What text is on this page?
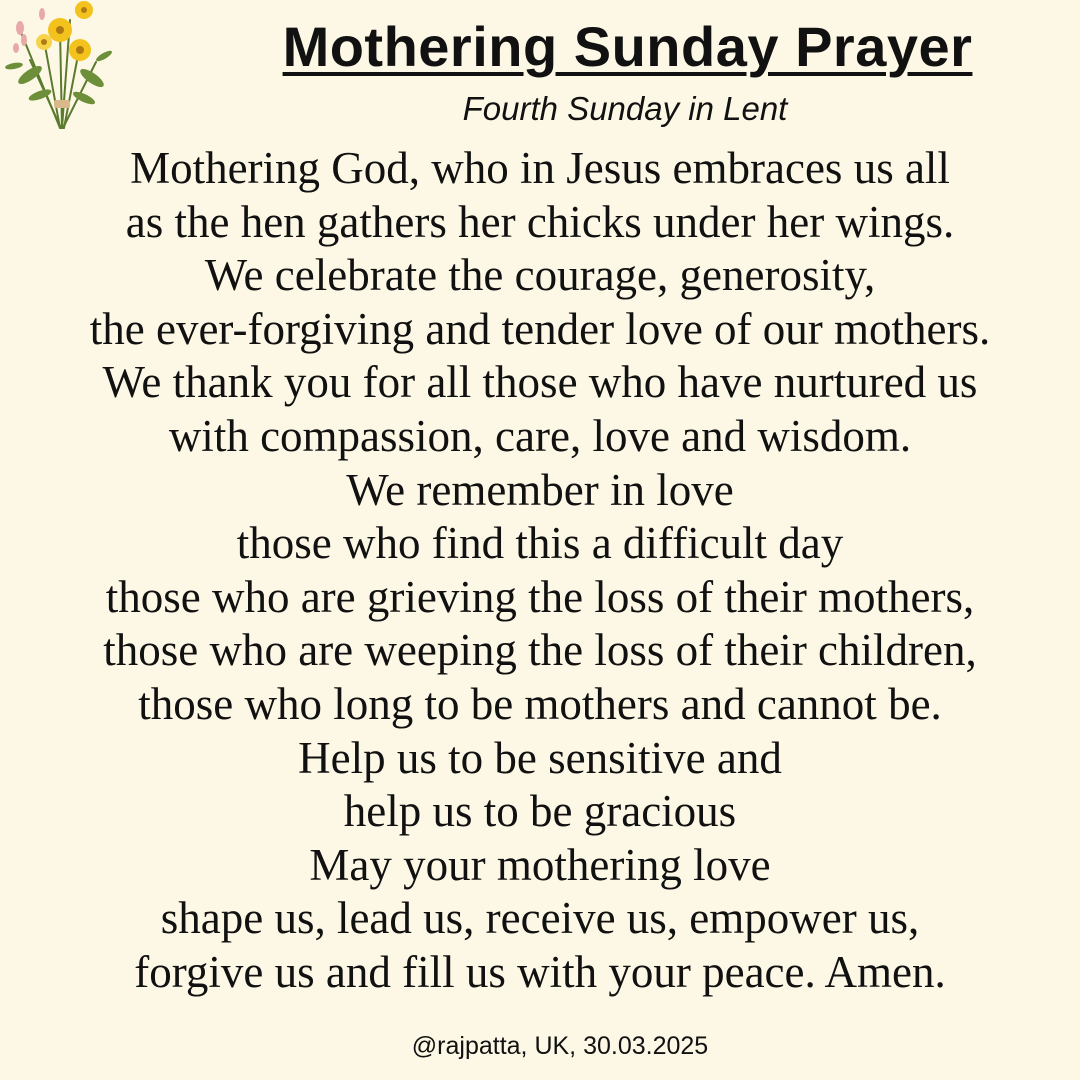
Mothering Sunday Prayer
Fourth Sunday in Lent
Mothering God, who in Jesus embraces us all
as the hen gathers her chicks under her wings.
We celebrate the courage, generosity,
the ever-forgiving and tender love of our mothers.
We thank you for all those who have nurtured us
with compassion, care, love and wisdom.
We remember in love
those who find this a difficult day
those who are grieving the loss of their mothers,
those who are weeping the loss of their children,
those who long to be mothers and cannot be.
Help us to be sensitive and
help us to be gracious
May your mothering love
shape us, lead us, receive us, empower us,
forgive us and fill us with your peace. Amen.
@rajpatta, UK, 30.03.2025
